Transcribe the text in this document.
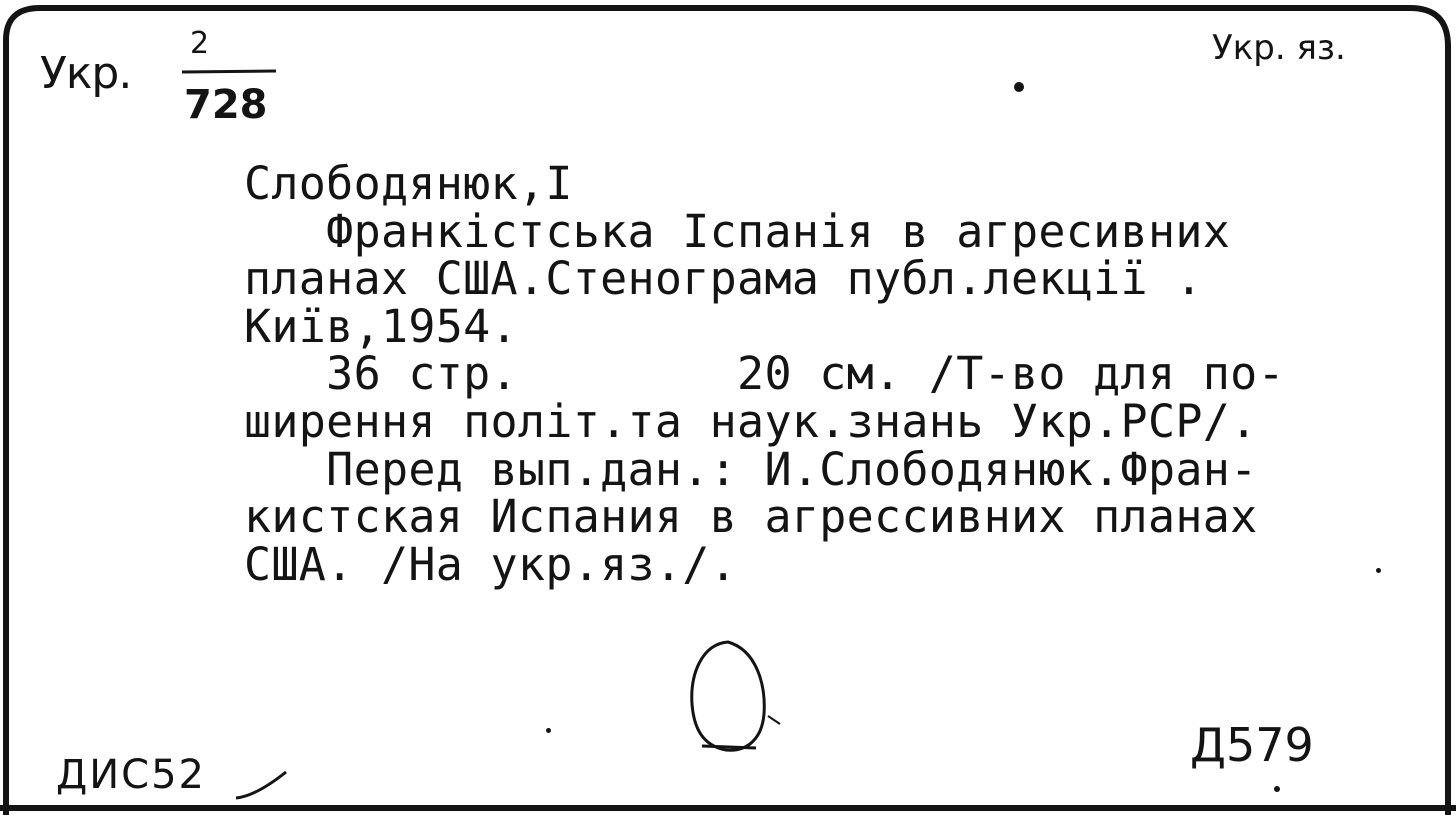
Укр.
2
728
Укр. яз.
Слободянюк,І
Франкістська Іспанія в агресивних
планах США.Стенограма публ.лекції .
Київ,1954.
36 стр.        20 см. /Т-во для по-
ширення політ.та наук.знань Укр.РСР/.
Перед вып.дан.: И.Слободянюк.Фран-
кистская Испания в агрессивних планах
США. /На укр.яз./.
ДИС52
Д579
